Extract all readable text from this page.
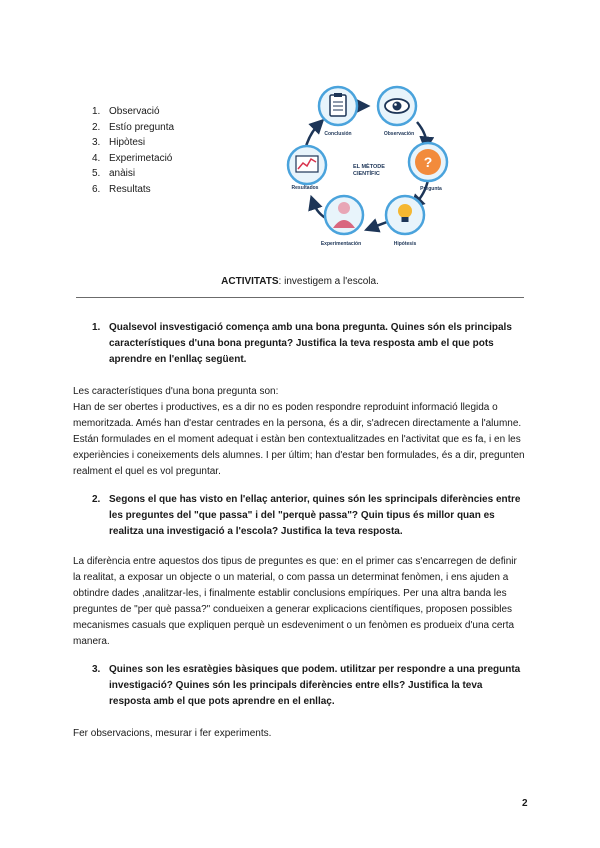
1. Observació
2. Estío pregunta
3. Hipòtesi
4. Experimetació
5. anàisi
6. Resultats
EL MÈTODE
CIENTÍFIC
Conclusión	Observación
?
Pregunta
Hipótesis
Experimentación
Resultados
ACTIVITATS: investigem a l'escola.
1. Qualsevol insvestigació comença amb una bona pregunta. Quines són els principals característiques d'una bona pregunta? Justifica la teva resposta amb el que pots aprendre en l'enllaç següent.
Les característiques d'una bona pregunta son:
Han de ser obertes i productives, es a dir no es poden respondre reproduint informació llegida o memoritzada. Amés han d'estar centrades en la persona, és a dir, s'adrecen directamente a l'alumne. Están formulades en el moment adequat i estàn ben contextualitzades en l'activitat que es fa, i en les experiències i coneixements dels alumnes. I per últim; han d'estar ben formulades, és a dir, pregunten realment el quel es vol preguntar.
2. Segons el que has visto en l'ellaç anterior, quines són les sprincipals diferències entre les preguntes del "que passa" i del "perquè passa"? Quin tipus és millor quan es realitza una investigació a l'escola? Justifica la teva resposta.
La diferència entre aquestos dos tipus de preguntes es que: en el primer cas s'encarregen de definir la realitat, a exposar un objecte o un material, o com passa un determinat fenòmen, i ens ajuden a obtindre dades ,analitzar-les, i finalmente establir conclusions empíriques. Per una altra banda les preguntes de "per què passa?" condueixen a generar explicacions científiques, proposen possibles mecanismes casuals que expliquen perquè un esdeveniment o un fenòmen es produeix d'una certa manera.
3. Quines son les esratègies bàsiques que podem. utilitzar per respondre a una pregunta investigació? Quines són les principals diferències entre ells? Justifica la teva resposta amb el que pots aprendre en el enllaç.
Fer observacions, mesurar i fer experiments.
2
